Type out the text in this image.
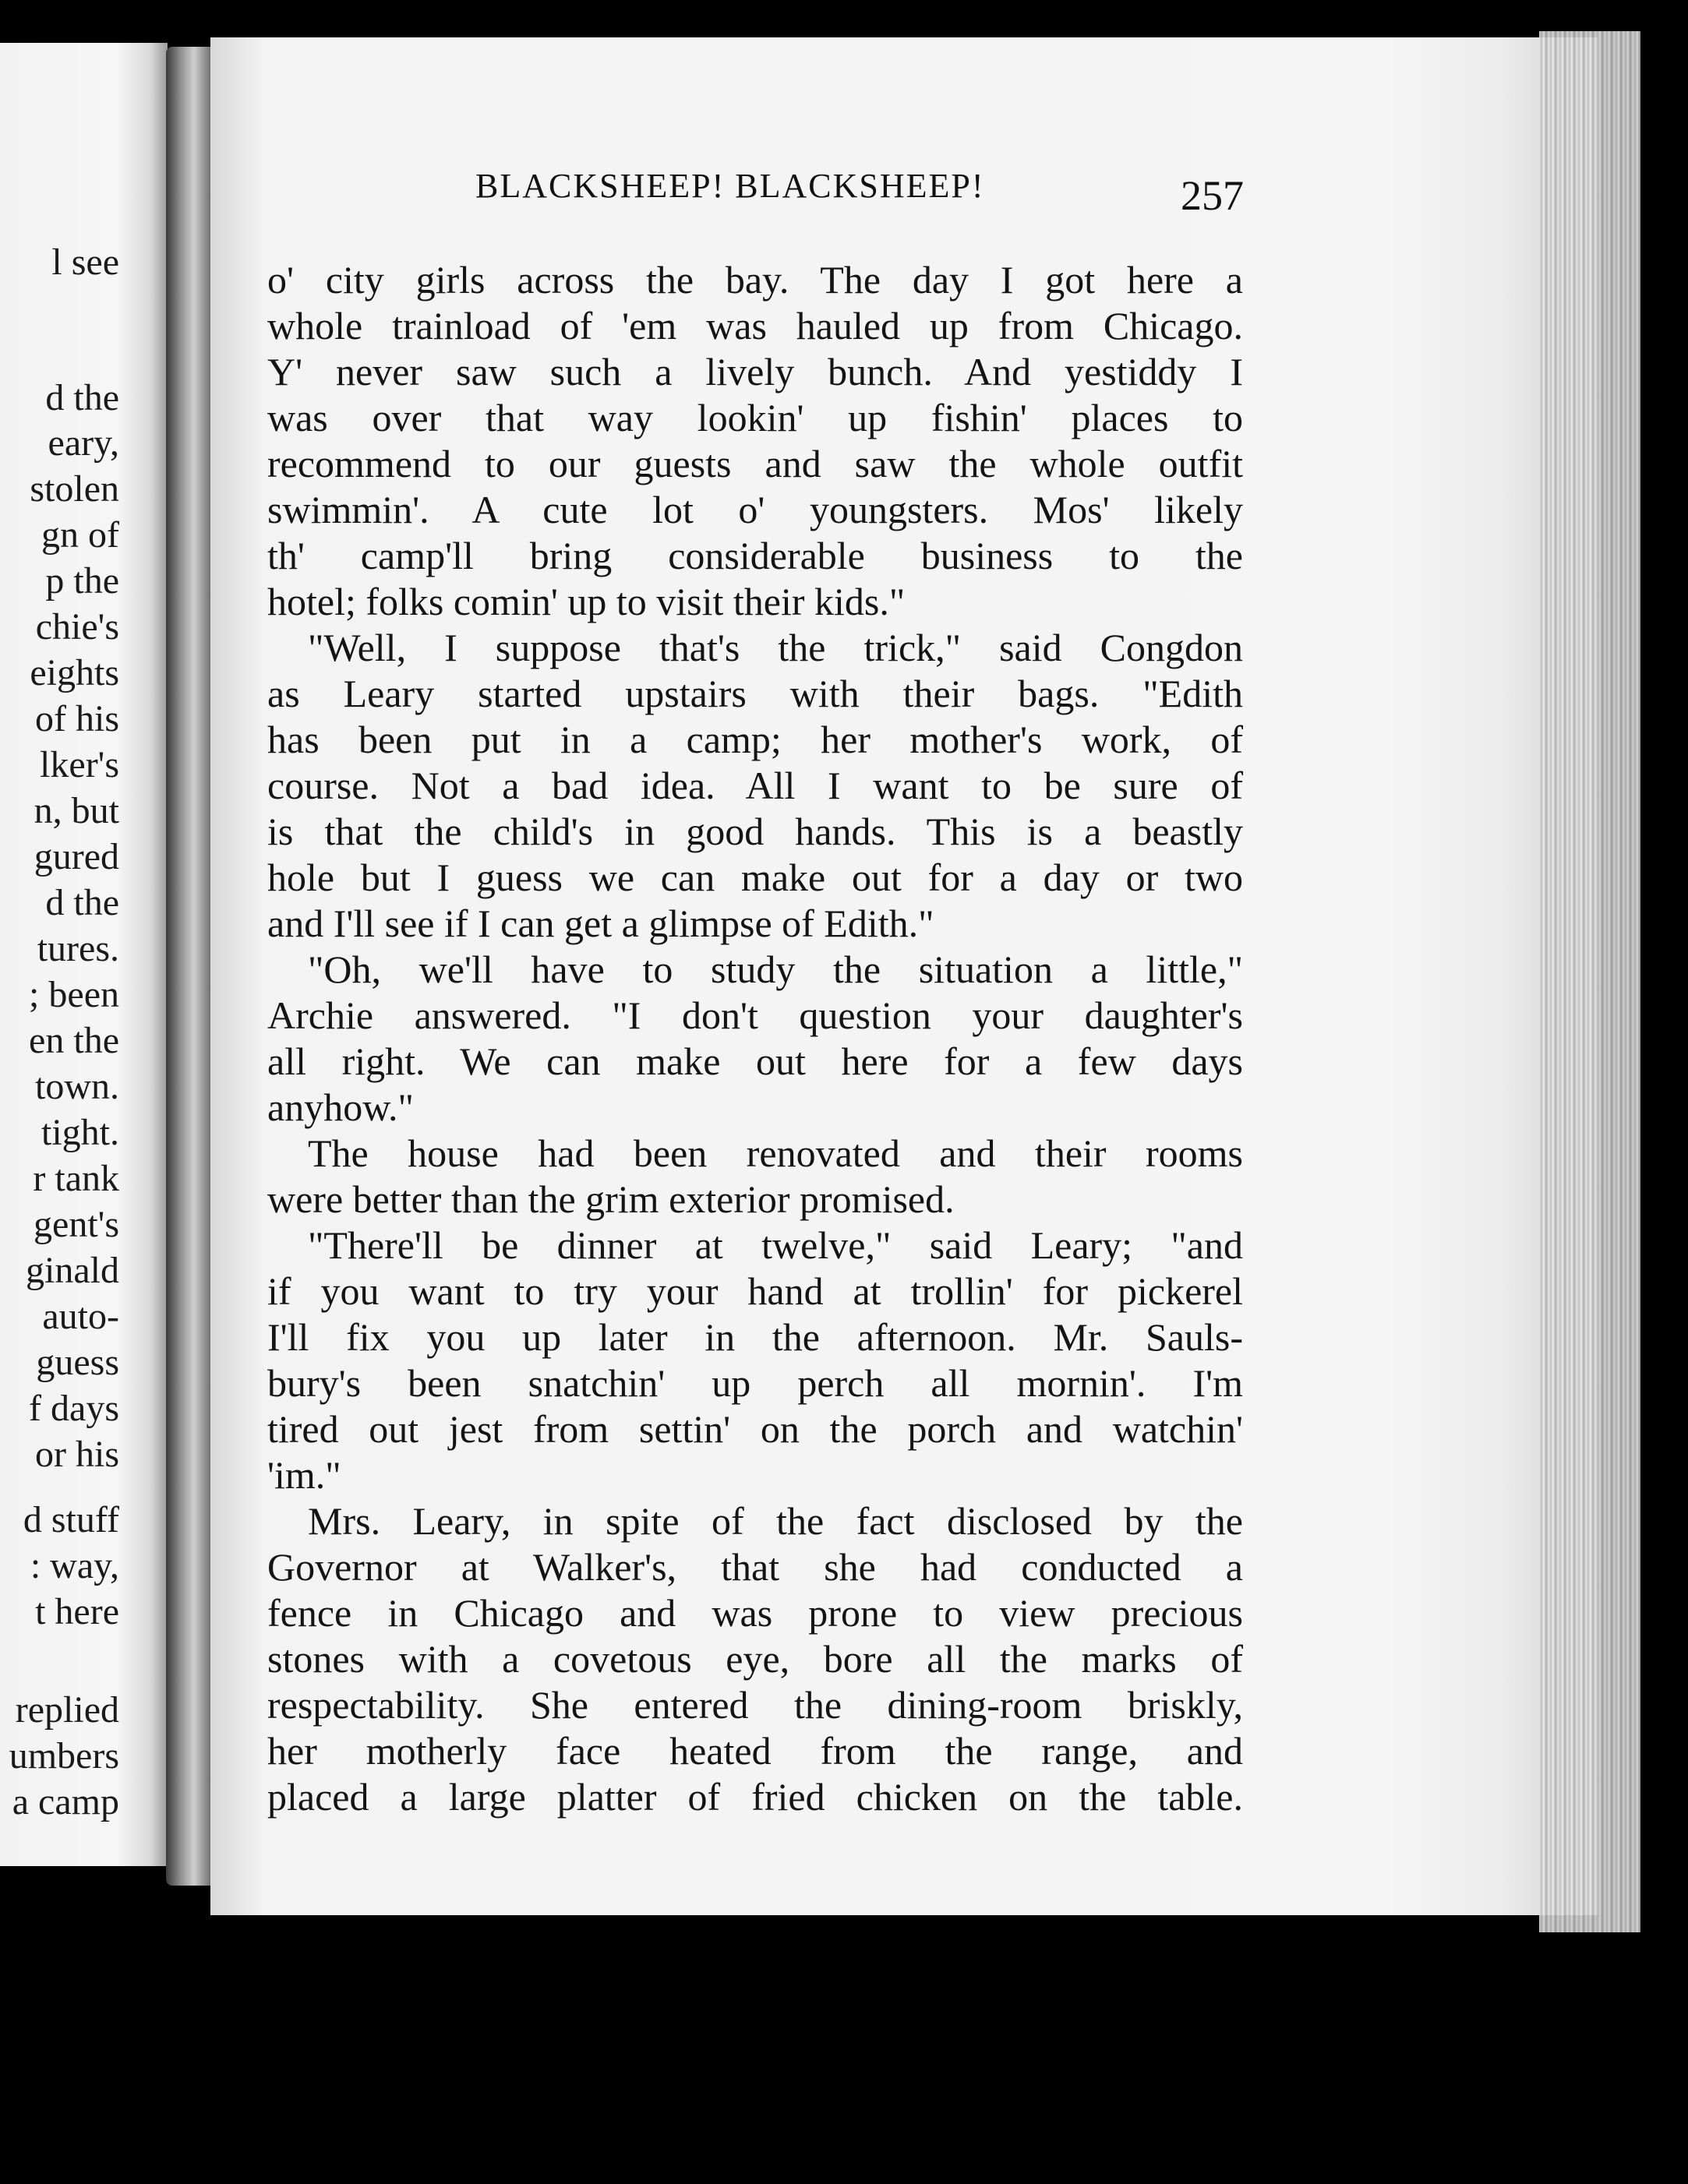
l see
d the
eary,
stolen
gn of
p the
chie's
eights
of his
lker's
n, but
gured
d the
tures.
; been
en the
town.
tight.
r tank
gent's
ginald
auto-
guess
f days
or his
d stuff
: way,
t here
replied
umbers
a camp
BLACKSHEEP! BLACKSHEEP!	257
o' city girls across the bay. The day I got here a
whole trainload of 'em was hauled up from Chicago.
Y' never saw such a lively bunch. And yestiddy I
was over that way lookin' up fishin' places to
recommend to our guests and saw the whole outfit
swimmin'. A cute lot o' youngsters. Mos' likely
th' camp'll bring considerable business to the
hotel; folks comin' up to visit their kids."
"Well, I suppose that's the trick," said Congdon
as Leary started upstairs with their bags. "Edith
has been put in a camp; her mother's work, of
course. Not a bad idea. All I want to be sure of
is that the child's in good hands. This is a beastly
hole but I guess we can make out for a day or two
and I'll see if I can get a glimpse of Edith."
"Oh, we'll have to study the situation a little,"
Archie answered. "I don't question your daughter's
all right. We can make out here for a few days
anyhow."
The house had been renovated and their rooms
were better than the grim exterior promised.
"There'll be dinner at twelve," said Leary; "and
if you want to try your hand at trollin' for pickerel
I'll fix you up later in the afternoon. Mr. Sauls-
bury's been snatchin' up perch all mornin'. I'm
tired out jest from settin' on the porch and watchin'
'im."
Mrs. Leary, in spite of the fact disclosed by the
Governor at Walker's, that she had conducted a
fence in Chicago and was prone to view precious
stones with a covetous eye, bore all the marks of
respectability. She entered the dining-room briskly,
her motherly face heated from the range, and
placed a large platter of fried chicken on the table.
